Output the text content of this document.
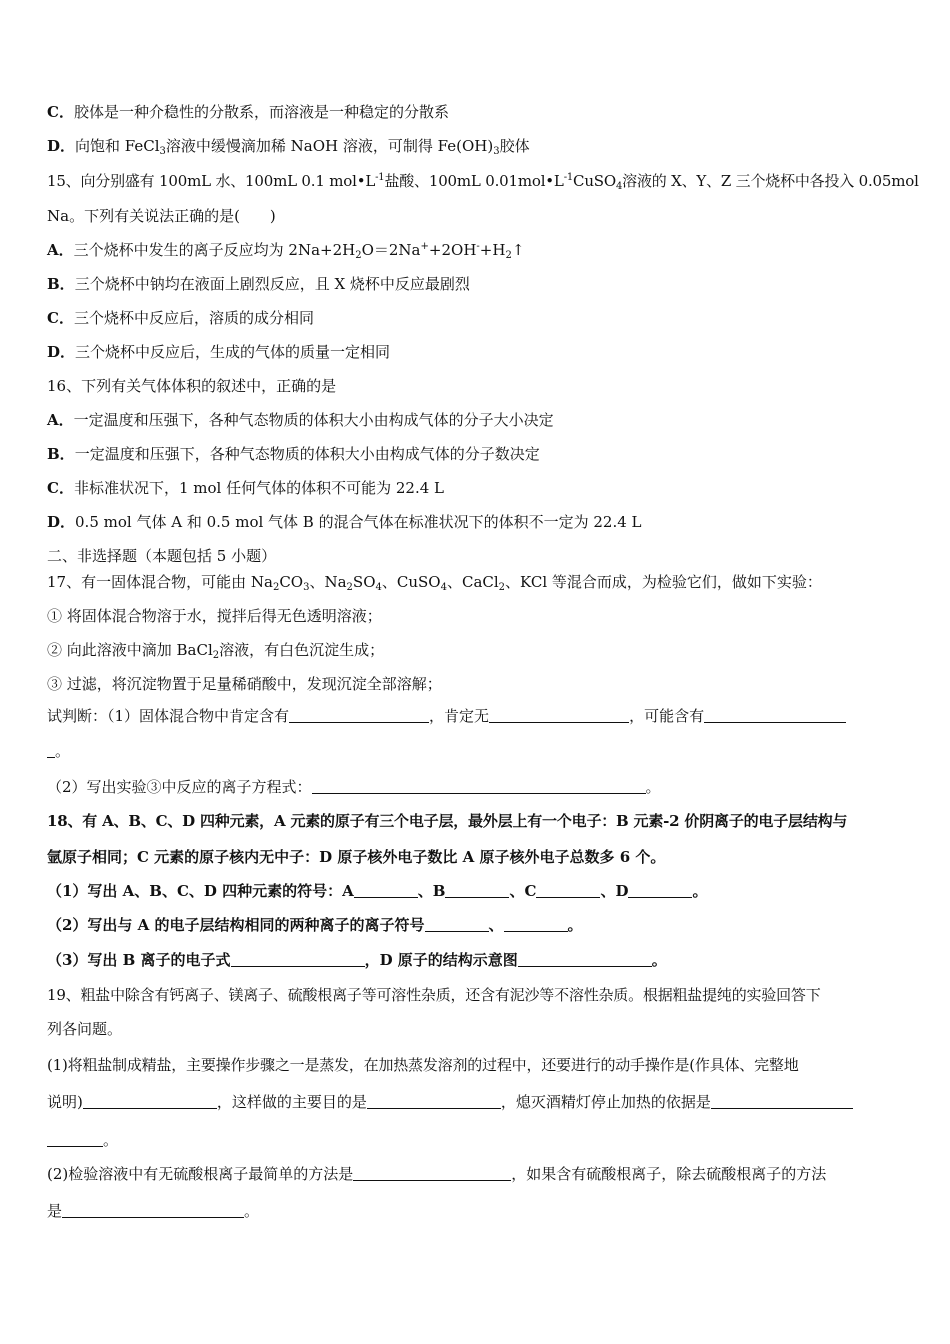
C．胶体是一种介稳性的分散系，而溶液是一种稳定的分散系
D．向饱和 FeCl$_3$溶液中缓慢滴加稀 NaOH 溶液，可制得 $Fe(OH)_3$胶体
15、向分别盛有 100mL 水、100mL 0.1 $mol•L^{-1}$盐酸、100mL $0.01mol•L^{-1}CuSO_4$溶液的 X、Y、Z 三个烧杯中各投入 0.05mol
Na。下列有关说法正确的是(　　)
A．三个烧杯中发生的离子反应均为 $2Na+2H_2O=2Na^++2OH^-+H_2↑$
B．三个烧杯中钠均在液面上剧烈反应，且 X 烧杯中反应最剧烈
C．三个烧杯中反应后，溶质的成分相同
D．三个烧杯中反应后，生成的气体的质量一定相同
16、下列有关气体体积的叙述中，正确的是
A．一定温度和压强下，各种气态物质的体积大小由构成气体的分子大小决定
B．一定温度和压强下，各种气态物质的体积大小由构成气体的分子数决定
C．非标准状况下，1 mol 任何气体的体积不可能为 22.4 L
D．0.5 mol 气体 A 和 0.5 mol 气体 B 的混合气体在标准状况下的体积不一定为 22.4 L
二、非选择题（本题包括 5 小题）
17、有一固体混合物，可能由 $Na_2CO_3$、$Na_2SO_4$、CuSO$_4$、CaCl$_2$、KCl 等混合而成，为检验它们，做如下实验：
① 将固体混合物溶于水，搅拌后得无色透明溶液；
② 向此溶液中滴加 BaCl$_2$溶液，有白色沉淀生成；
③ 过滤，将沉淀物置于足量稀硝酸中，发现沉淀全部溶解；
试判断：（1）固体混合物中肯定含有	，肯定无	，可能含有
。
（2）写出实验③中反应的离子方程式：	。
18、有 A、B、C、D 四种元素，A 元素的原子有三个电子层，最外层上有一个电子：B 元素-2 价阴离子的电子层结构与
氩原子相同；C 元素的原子核内无中子：D 原子核外电子数比 A 原子核外电子总数多 6 个。
（1）写出 A、B、C、D 四种元素的符号：A	、B	、C	、D	。
（2）写出与 A 的电子层结构相同的两种离子的离子符号	、	。
（3）写出 B 离子的电子式	，D 原子的结构示意图	。
19、粗盐中除含有钙离子、镁离子、硫酸根离子等可溶性杂质，还含有泥沙等不溶性杂质。根据粗盐提纯的实验回答下
列各问题。
(1)将粗盐制成精盐，主要操作步骤之一是蒸发，在加热蒸发溶剂的过程中，还要进行的动手操作是(作具体、完整地
说明)	，这样做的主要目的是	，熄灭酒精灯停止加热的依据是
。
(2)检验溶液中有无硫酸根离子最简单的方法是	，如果含有硫酸根离子，除去硫酸根离子的方法
是	。
